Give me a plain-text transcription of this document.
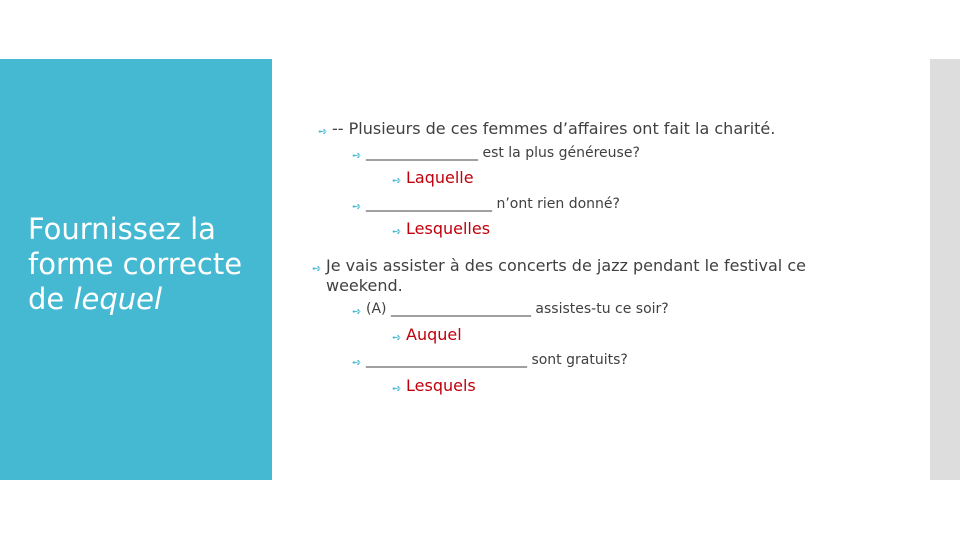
Fournissez la
forme correcte
de lequel
➺ -- Plusieurs de ces femmes d’affaires ont fait la charité.
➺ ________________ est la plus généreuse?
➺ Laquelle
➺ __________________ n’ont rien donné?
➺ Lesquelles
➺ Je vais assister à des concerts de jazz pendant le festival ce weekend.
➺ (A) ____________________ assistes-tu ce soir?
➺ Auquel
➺ _______________________ sont gratuits?
➺ Lesquels
